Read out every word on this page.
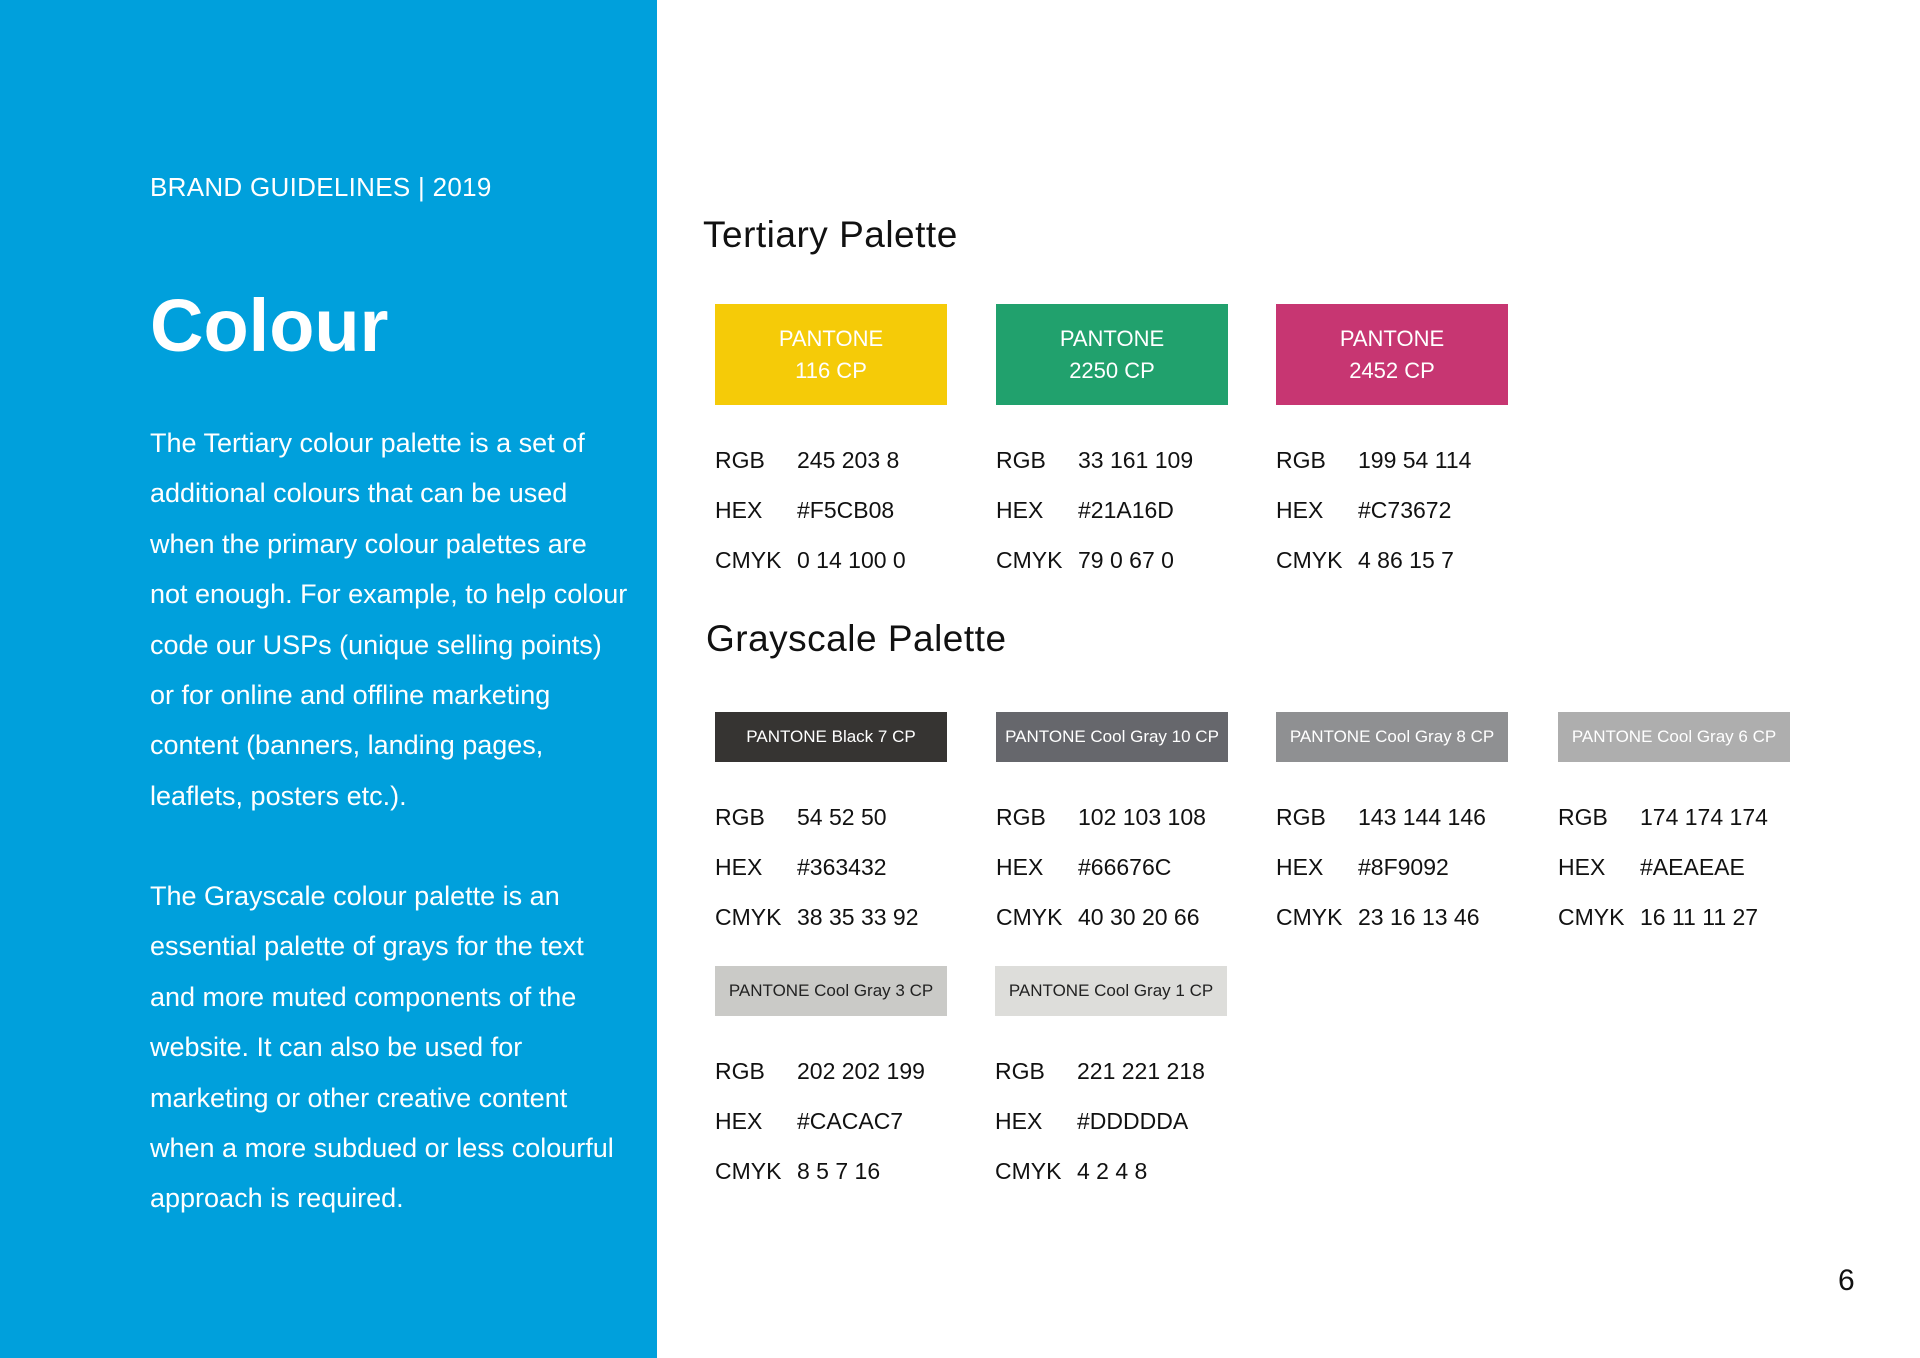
BRAND GUIDELINES | 2019
Colour

The Tertiary colour palette is a set of additional colours that can be used when the primary colour palettes are not enough. For example, to help colour code our USPs (unique selling points) or for online and offline marketing content (banners, landing pages, leaflets, posters etc.).

The Grayscale colour palette is an essential palette of grays for the text and more muted components of the website. It can also be used for marketing or other creative content when a more subdued or less colourful approach is required.

Tertiary Palette
Grayscale Palette
PANTONE
116 CP
RGB	245 203 8
HEX	#F5CB08
CMYK 0 14 100 0
PANTONE
2250 CP
RGB	33 161 109
HEX	#21A16D
CMYK 79 0 67 0
PANTONE
2452 CP
RGB	199 54 114
HEX	#C73672
CMYK 4 86 15 7
PANTONE Black 7 CP
RGB	54 52 50
HEX	#363432
CMYK 38 35 33 92
PANTONE Cool Gray 10 CP
RGB	102 103 108
HEX	#66676C
CMYK 40 30 20 66
PANTONE Cool Gray 8 CP
RGB	143 144 146
HEX	#8F9092
CMYK 23 16 13 46
PANTONE Cool Gray 6 CP
RGB	174 174 174
HEX	#AEAEAE
CMYK 16 11 11 27
PANTONE Cool Gray 3 CP
RGB	202 202 199
HEX	#CACAC7
CMYK 8 5 7 16
PANTONE Cool Gray 1 CP
RGB	221 221 218
HEX	#DDDDDA
CMYK 4 2 4 8
6
